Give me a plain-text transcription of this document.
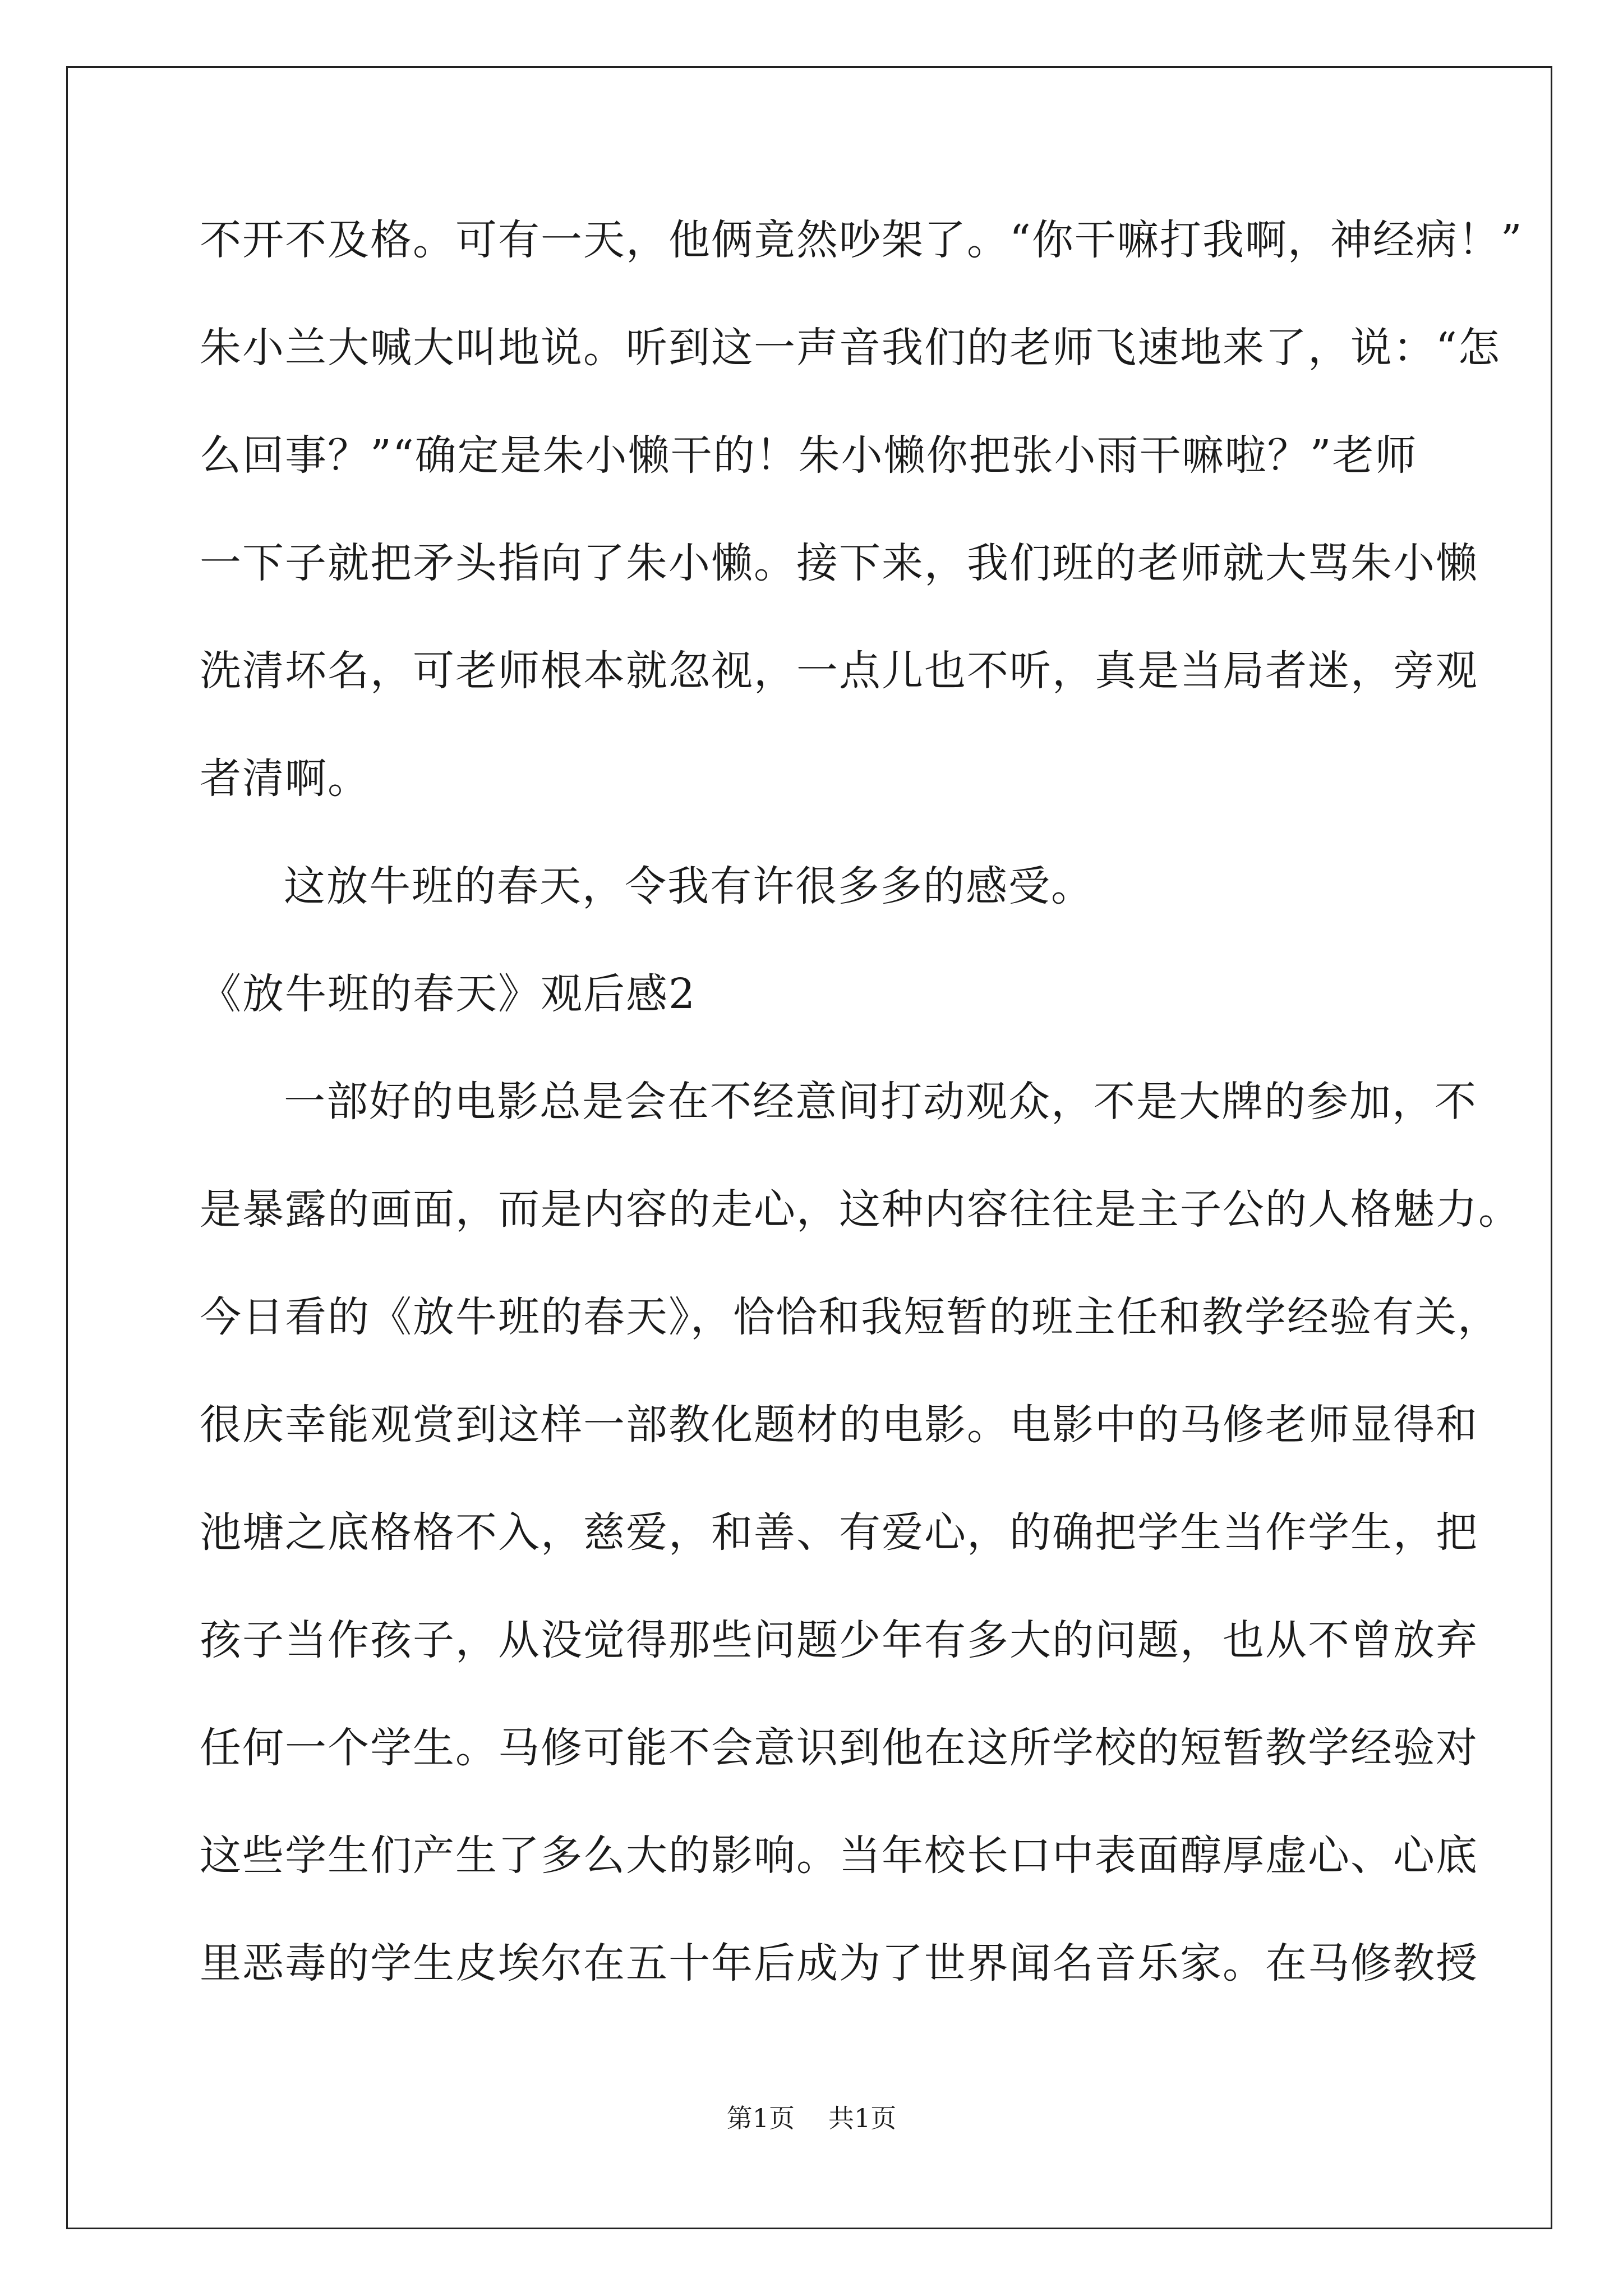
不开不及格。可有一天，他俩竟然吵架了。“你干嘛打我啊，神经病！”
朱小兰大喊大叫地说。听到这一声音我们的老师飞速地来了，说：“怎
么回事？”“确定是朱小懒干的！朱小懒你把张小雨干嘛啦？”老师
一下子就把矛头指向了朱小懒。接下来，我们班的老师就大骂朱小懒
洗清坏名，可老师根本就忽视，一点儿也不听，真是当局者迷，旁观
者清啊。
这放牛班的春天，令我有许很多多的感受。
《放牛班的春天》观后感2
一部好的电影总是会在不经意间打动观众，不是大牌的参加，不
是暴露的画面，而是内容的走心，这种内容往往是主子公的人格魅力。
今日看的《放牛班的春天》，恰恰和我短暂的班主任和教学经验有关，
很庆幸能观赏到这样一部教化题材的电影。电影中的马修老师显得和
池塘之底格格不入，慈爱，和善、有爱心，的确把学生当作学生，把
孩子当作孩子，从没觉得那些问题少年有多大的问题，也从不曾放弃
任何一个学生。马修可能不会意识到他在这所学校的短暂教学经验对
这些学生们产生了多么大的影响。当年校长口中表面醇厚虚心、心底
里恶毒的学生皮埃尔在五十年后成为了世界闻名音乐家。在马修教授
第1页 共1页
